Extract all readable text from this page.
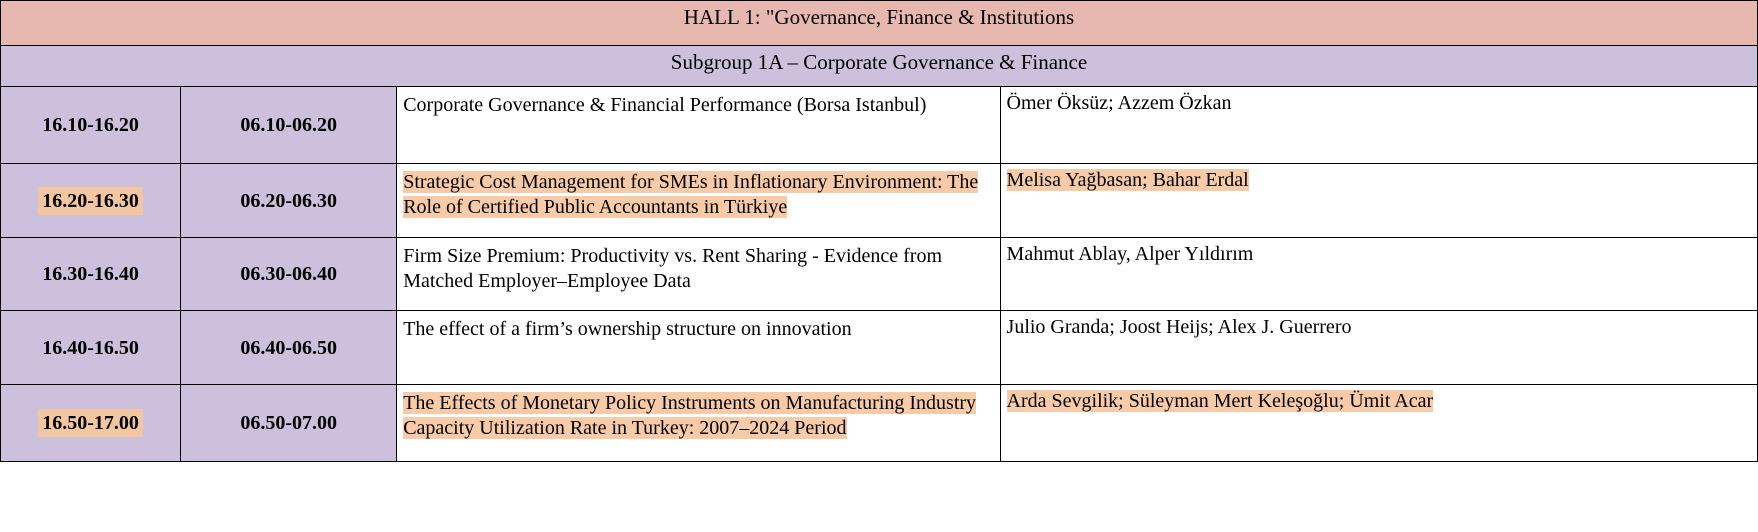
HALL 1: "Governance, Finance & Institutions			

Subgroup 1A – Corporate Governance & Finance			

16.10-16.20	06.10-06.20	Corporate Governance & Financial Performance (Borsa Istanbul)	Ömer Öksüz; Azzem Özkan

16.20-16.30	06.20-06.30	Strategic Cost Management for SMEs in Inflationary Environment: The Role of Certified Public Accountants in Türkiye	Melisa Yağbasan; Bahar Erdal

16.30-16.40	06.30-06.40	Firm Size Premium: Productivity vs. Rent Sharing - Evidence from Matched Employer–Employee Data	Mahmut Ablay, Alper Yıldırım

16.40-16.50	06.40-06.50	The effect of a firm’s ownership structure on innovation	Julio Granda; Joost Heijs; Alex J. Guerrero

16.50-17.00	06.50-07.00	The Effects of Monetary Policy Instruments on Manufacturing Industry Capacity Utilization Rate in Turkey: 2007–2024 Period	Arda Sevgilik; Süleyman Mert Keleşoğlu; Ümit Acar
